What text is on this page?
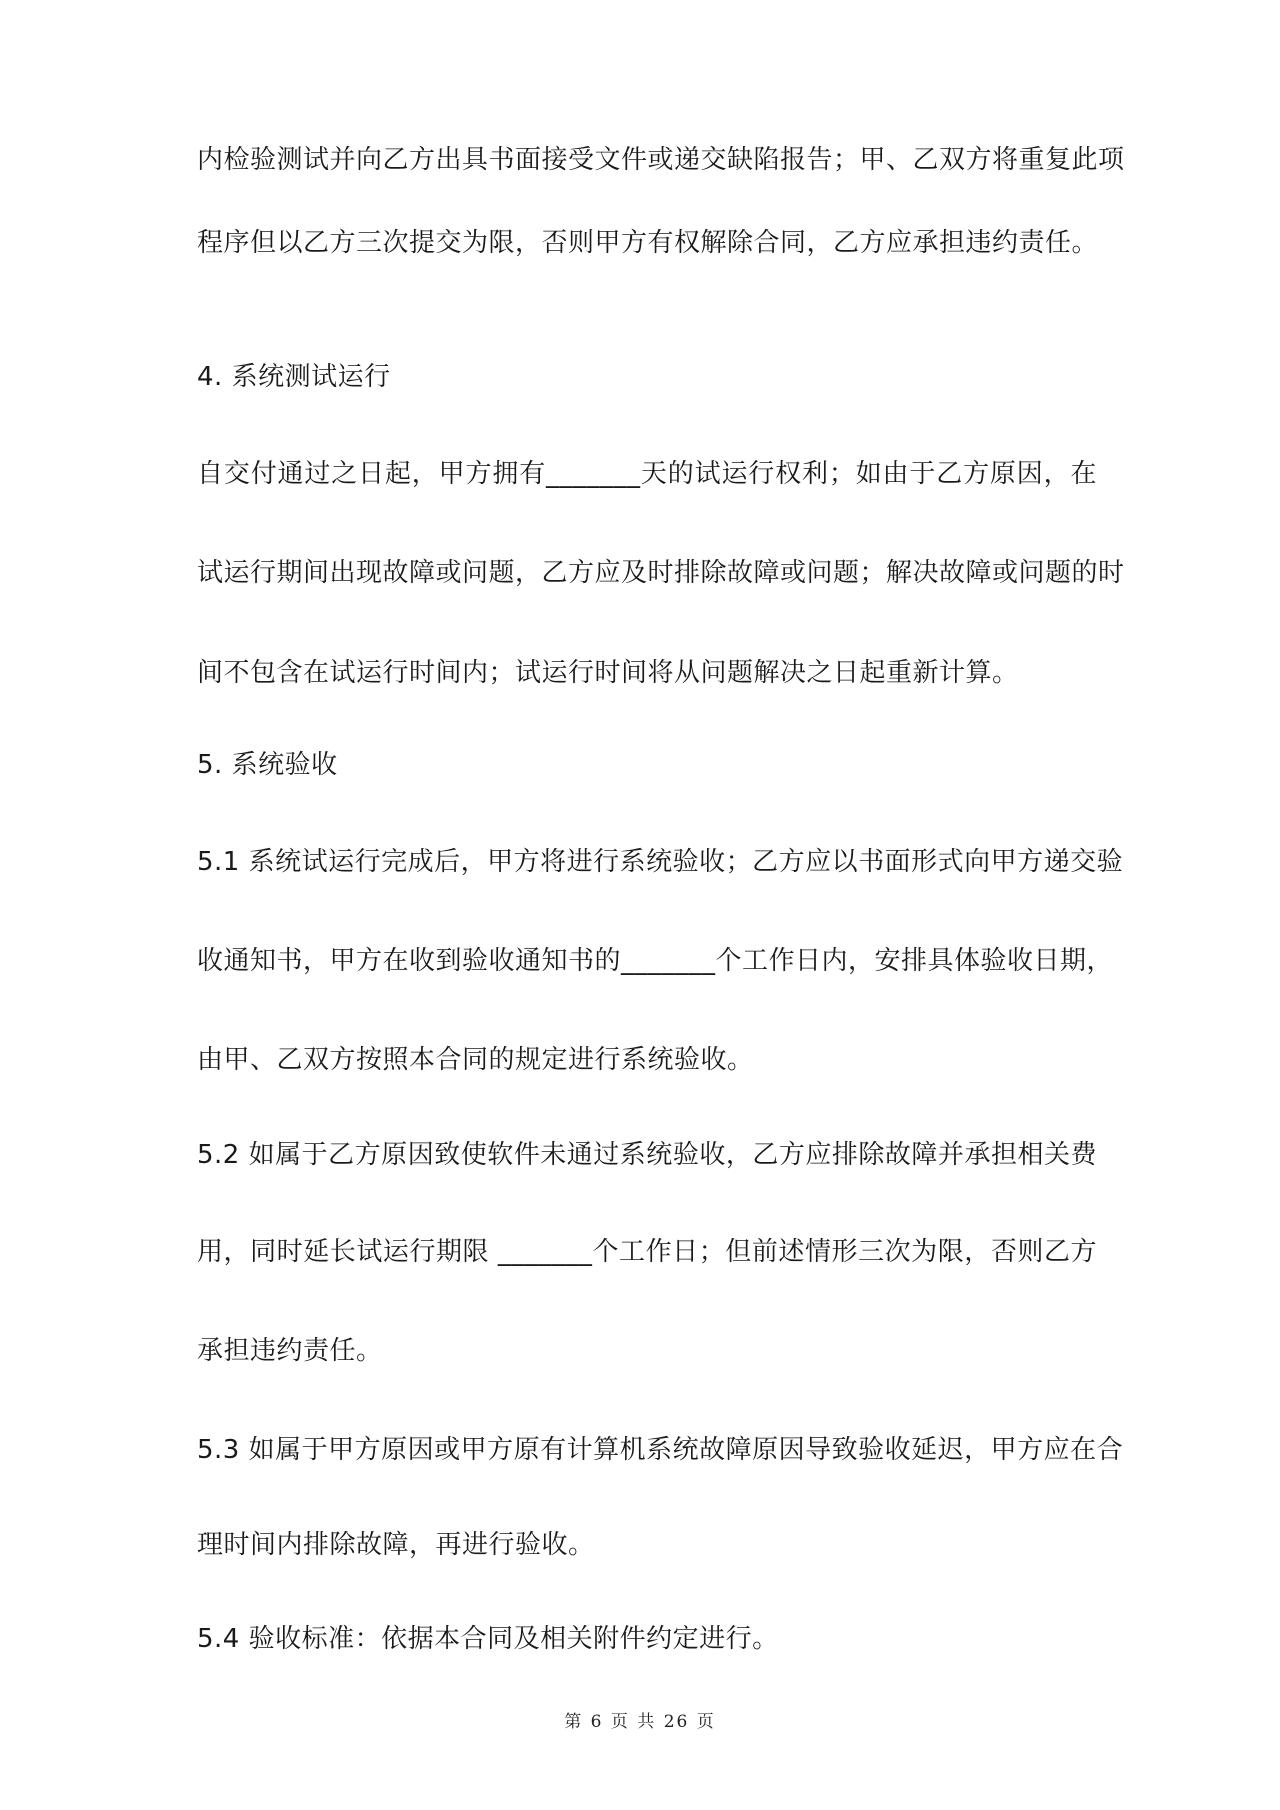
内检验测试并向乙方出具书面接受文件或递交缺陷报告；甲、乙双方将重复此项
程序但以乙方三次提交为限，否则甲方有权解除合同，乙方应承担违约责任。
4. 系统测试运行
自交付通过之日起，甲方拥有_______天的试运行权利；如由于乙方原因，在
试运行期间出现故障或问题，乙方应及时排除故障或问题；解决故障或问题的时
间不包含在试运行时间内；试运行时间将从问题解决之日起重新计算。
5. 系统验收
5.1 系统试运行完成后，甲方将进行系统验收；乙方应以书面形式向甲方递交验
收通知书，甲方在收到验收通知书的_______个工作日内，安排具体验收日期，
由甲、乙双方按照本合同的规定进行系统验收。
5.2 如属于乙方原因致使软件未通过系统验收，乙方应排除故障并承担相关费
用，同时延长试运行期限 _______个工作日；但前述情形三次为限，否则乙方
承担违约责任。
5.3 如属于甲方原因或甲方原有计算机系统故障原因导致验收延迟，甲方应在合
理时间内排除故障，再进行验收。
5.4 验收标准：依据本合同及相关附件约定进行。
第 6 页 共 26 页
